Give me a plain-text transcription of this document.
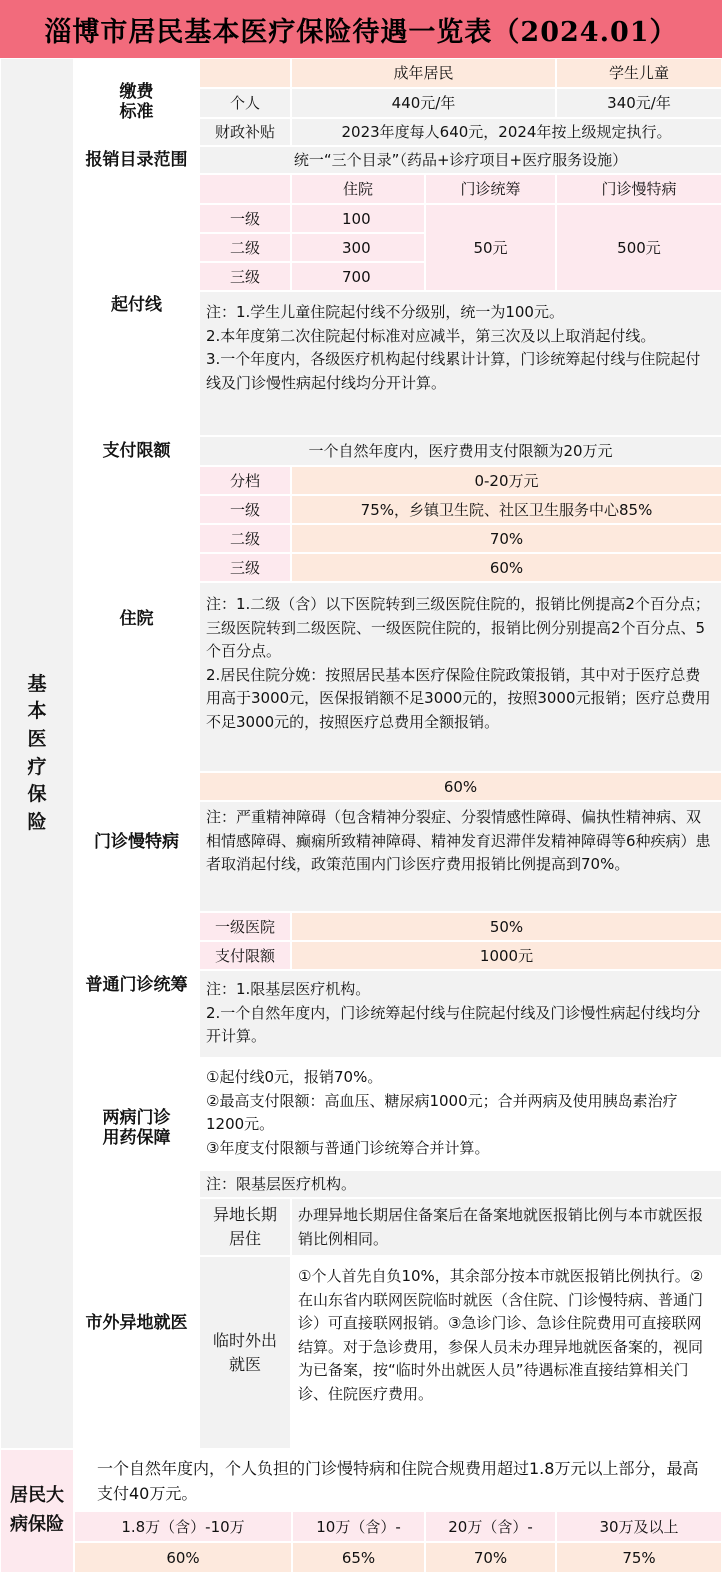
淄博市居民基本医疗保险待遇一览表（2024.01）
基
本
医
疗
保
险
居民大
病保险
缴费
标准
成年居民	学生儿童
个人	440元/年	340元/年
财政补贴	2023年度每人640元，2024年按上级规定执行。
报销目录范围	统一“三个目录”（药品+诊疗项目+医疗服务设施）
起付线
住院	门诊统筹	门诊慢特病
一级	100
二级	300
三级	700
50元	500元
注：1.学生儿童住院起付线不分级别，统一为100元。
2.本年度第二次住院起付标准对应减半，第三次及以上取消起付线。
3.一个年度内，各级医疗机构起付线累计计算，门诊统筹起付线与住院起付线及门诊慢性病起付线均分开计算。
支付限额	一个自然年度内，医疗费用支付限额为20万元
住院
分档	0-20万元
一级	75%，乡镇卫生院、社区卫生服务中心85%
二级	70%
三级	60%
注：1.二级（含）以下医院转到三级医院住院的，报销比例提高2个百分点；三级医院转到二级医院、一级医院住院的，报销比例分别提高2个百分点、5个百分点。
2.居民住院分娩：按照居民基本医疗保险住院政策报销，其中对于医疗总费用高于3000元，医保报销额不足3000元的，按照3000元报销；医疗总费用不足3000元的，按照医疗总费用全额报销。
门诊慢特病
60%
注：严重精神障碍（包含精神分裂症、分裂情感性障碍、偏执性精神病、双相情感障碍、癫痫所致精神障碍、精神发育迟滞伴发精神障碍等6种疾病）患者取消起付线，政策范围内门诊医疗费用报销比例提高到70%。
普通门诊统筹
一级医院	50%
支付限额	1000元
注：1.限基层医疗机构。
2.一个自然年度内，门诊统筹起付线与住院起付线及门诊慢性病起付线均分开计算。
两病门诊
用药保障
①起付线0元，报销70%。
②最高支付限额：高血压、糖尿病1000元；合并两病及使用胰岛素治疗1200元。
③年度支付限额与普通门诊统筹合并计算。
注：限基层医疗机构。
市外异地就医
异地长期
居住
办理异地长期居住备案后在备案地就医报销比例与本市就医报销比例相同。
临时外出
就医
①个人首先自负10%，其余部分按本市就医报销比例执行。②在山东省内联网医院临时就医（含住院、门诊慢特病、普通门诊）可直接联网报销。③急诊门诊、急诊住院费用可直接联网结算。对于急诊费用，参保人员未办理异地就医备案的，视同为已备案，按“临时外出就医人员”待遇标准直接结算相关门诊、住院医疗费用。
一个自然年度内，个人负担的门诊慢特病和住院合规费用超过1.8万元以上部分，最高支付40万元。
1.8万（含）-10万	10万（含）-	20万（含）-	30万及以上
60%	65%	70%	75%
